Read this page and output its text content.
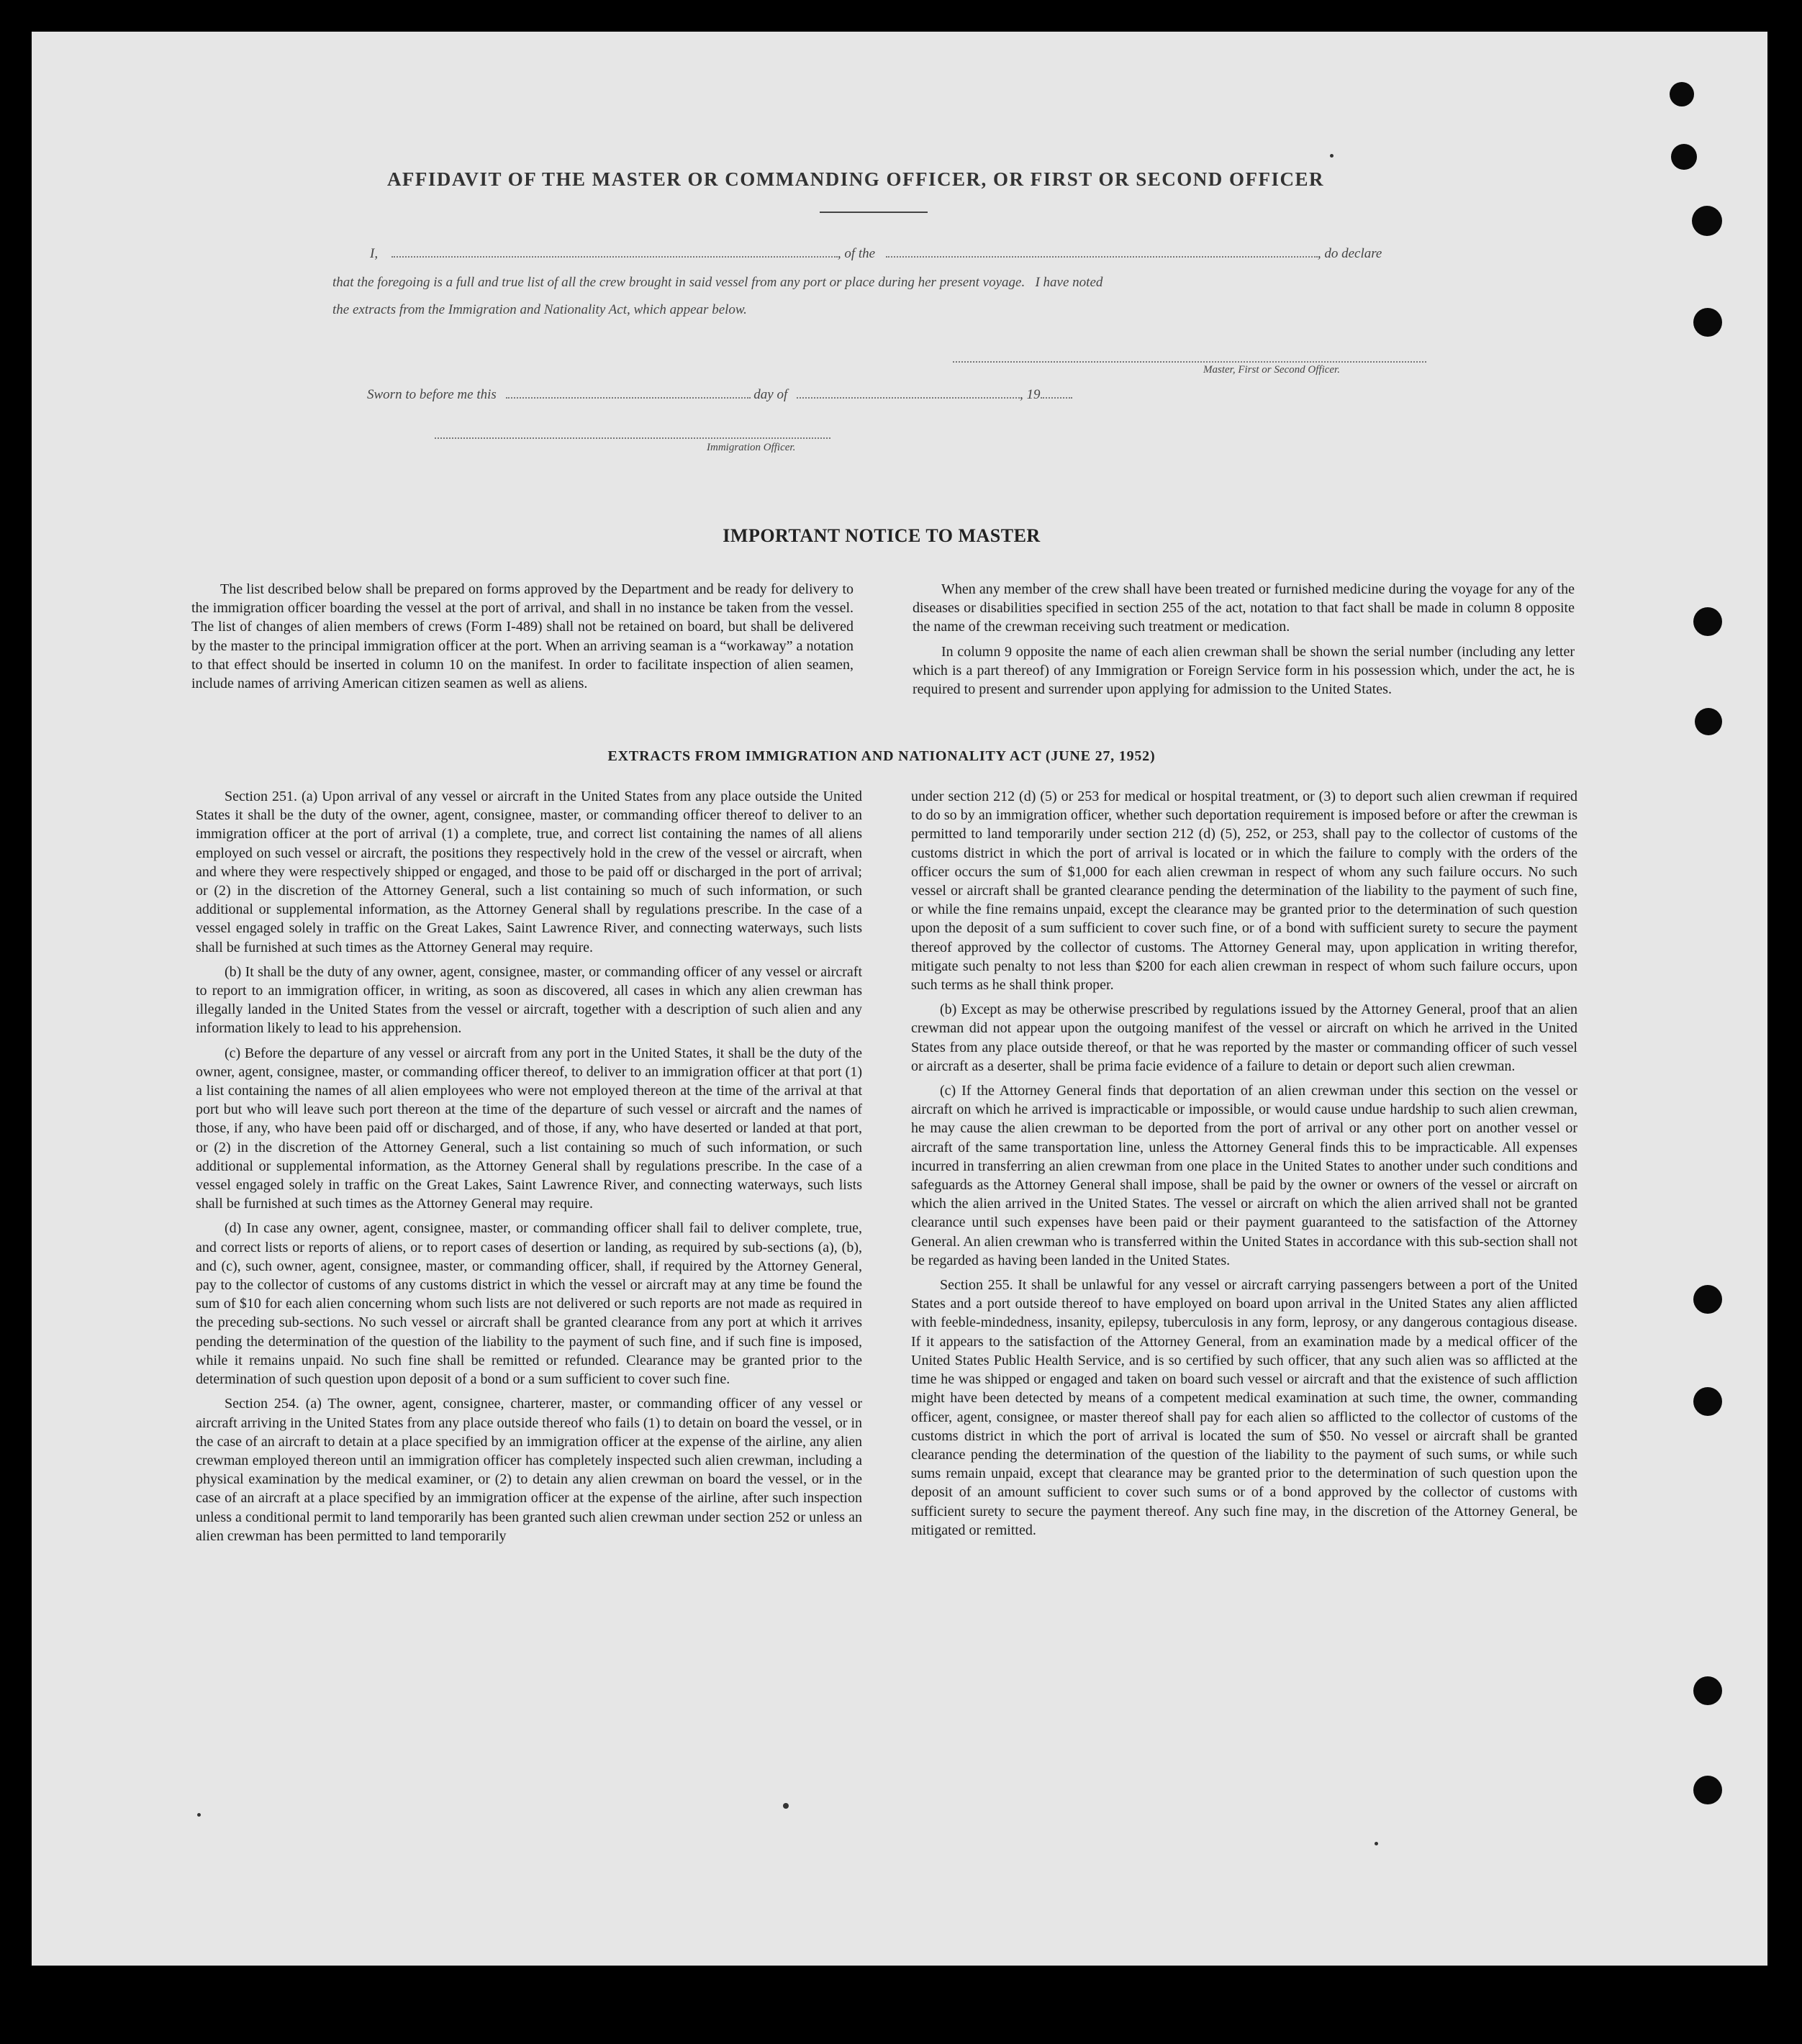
AFFIDAVIT OF THE MASTER OR COMMANDING OFFICER, OR FIRST OR SECOND OFFICER
I,	, of the	, do declare
that the foregoing is a full and true list of all the crew brought in said vessel from any port or place during her present voyage.   I have noted
the extracts from the Immigration and Nationality Act, which appear below.
Master, First or Second Officer.
Sworn to before me this	day of	, 19
Immigration Officer.
IMPORTANT NOTICE TO MASTER

The list described below shall be prepared on forms approved by the Department and be ready for delivery to the immigration officer boarding the vessel at the port of arrival, and shall in no instance be taken from the vessel. The list of changes of alien members of crews (Form I-489) shall not be retained on board, but shall be delivered by the master to the principal immigration officer at the port. When an arriving seaman is a “workaway” a notation to that effect should be inserted in column 10 on the manifest. In order to facilitate inspection of alien seamen, include names of arriving American citizen seamen as well as aliens.

When any member of the crew shall have been treated or furnished medicine during the voyage for any of the diseases or disabilities specified in section 255 of the act, notation to that fact shall be made in column 8 opposite the name of the crewman receiving such treatment or medication.

In column 9 opposite the name of each alien crewman shall be shown the serial number (including any letter which is a part thereof) of any Immigration or Foreign Service form in his possession which, under the act, he is required to present and surrender upon applying for admission to the United States.

EXTRACTS FROM IMMIGRATION AND NATIONALITY ACT (JUNE 27, 1952)

Section 251. (a) Upon arrival of any vessel or aircraft in the United States from any place outside the United States it shall be the duty of the owner, agent, consignee, master, or commanding officer thereof to deliver to an immigration officer at the port of arrival (1) a complete, true, and correct list containing the names of all aliens employed on such vessel or aircraft, the positions they respectively hold in the crew of the vessel or aircraft, when and where they were respectively shipped or engaged, and those to be paid off or discharged in the port of arrival; or (2) in the discretion of the Attorney General, such a list containing so much of such information, or such additional or supplemental information, as the Attorney General shall by regulations prescribe. In the case of a vessel engaged solely in traffic on the Great Lakes, Saint Lawrence River, and connecting waterways, such lists shall be furnished at such times as the Attorney General may require.

(b) It shall be the duty of any owner, agent, consignee, master, or commanding officer of any vessel or aircraft to report to an immigration officer, in writing, as soon as discovered, all cases in which any alien crewman has illegally landed in the United States from the vessel or aircraft, together with a description of such alien and any information likely to lead to his apprehension.

(c) Before the departure of any vessel or aircraft from any port in the United States, it shall be the duty of the owner, agent, consignee, master, or commanding officer thereof, to deliver to an immigration officer at that port (1) a list containing the names of all alien employees who were not employed thereon at the time of the arrival at that port but who will leave such port thereon at the time of the departure of such vessel or aircraft and the names of those, if any, who have been paid off or discharged, and of those, if any, who have deserted or landed at that port, or (2) in the discretion of the Attorney General, such a list containing so much of such information, or such additional or supplemental information, as the Attorney General shall by regulations prescribe. In the case of a vessel engaged solely in traffic on the Great Lakes, Saint Lawrence River, and connecting waterways, such lists shall be furnished at such times as the Attorney General may require.

(d) In case any owner, agent, consignee, master, or commanding officer shall fail to deliver complete, true, and correct lists or reports of aliens, or to report cases of desertion or landing, as required by sub-sections (a), (b), and (c), such owner, agent, consignee, master, or commanding officer, shall, if required by the Attorney General, pay to the collector of customs of any customs district in which the vessel or aircraft may at any time be found the sum of $10 for each alien concerning whom such lists are not delivered or such reports are not made as required in the preceding sub-sections. No such vessel or aircraft shall be granted clearance from any port at which it arrives pending the determination of the question of the liability to the payment of such fine, and if such fine is imposed, while it remains unpaid. No such fine shall be remitted or refunded. Clearance may be granted prior to the determination of such question upon deposit of a bond or a sum sufficient to cover such fine.

Section 254. (a) The owner, agent, consignee, charterer, master, or commanding officer of any vessel or aircraft arriving in the United States from any place outside thereof who fails (1) to detain on board the vessel, or in the case of an aircraft to detain at a place specified by an immigration officer at the expense of the airline, any alien crewman employed thereon until an immigration officer has completely inspected such alien crewman, including a physical examination by the medical examiner, or (2) to detain any alien crewman on board the vessel, or in the case of an aircraft at a place specified by an immigration officer at the expense of the airline, after such inspection unless a conditional permit to land temporarily has been granted such alien crewman under section 252 or unless an alien crewman has been permitted to land temporarily

under section 212 (d) (5) or 253 for medical or hospital treatment, or (3) to deport such alien crewman if required to do so by an immigration officer, whether such deportation requirement is imposed before or after the crewman is permitted to land temporarily under section 212 (d) (5), 252, or 253, shall pay to the collector of customs of the customs district in which the port of arrival is located or in which the failure to comply with the orders of the officer occurs the sum of $1,000 for each alien crewman in respect of whom any such failure occurs. No such vessel or aircraft shall be granted clearance pending the determination of the liability to the payment of such fine, or while the fine remains unpaid, except the clearance may be granted prior to the determination of such question upon the deposit of a sum sufficient to cover such fine, or of a bond with sufficient surety to secure the payment thereof approved by the collector of customs. The Attorney General may, upon application in writing therefor, mitigate such penalty to not less than $200 for each alien crewman in respect of whom such failure occurs, upon such terms as he shall think proper.

(b) Except as may be otherwise prescribed by regulations issued by the Attorney General, proof that an alien crewman did not appear upon the outgoing manifest of the vessel or aircraft on which he arrived in the United States from any place outside thereof, or that he was reported by the master or commanding officer of such vessel or aircraft as a deserter, shall be prima facie evidence of a failure to detain or deport such alien crewman.

(c) If the Attorney General finds that deportation of an alien crewman under this section on the vessel or aircraft on which he arrived is impracticable or impossible, or would cause undue hardship to such alien crewman, he may cause the alien crewman to be deported from the port of arrival or any other port on another vessel or aircraft of the same transportation line, unless the Attorney General finds this to be impracticable. All expenses incurred in transferring an alien crewman from one place in the United States to another under such conditions and safeguards as the Attorney General shall impose, shall be paid by the owner or owners of the vessel or aircraft on which the alien arrived in the United States. The vessel or aircraft on which the alien arrived shall not be granted clearance until such expenses have been paid or their payment guaranteed to the satisfaction of the Attorney General. An alien crewman who is transferred within the United States in accordance with this sub-section shall not be regarded as having been landed in the United States.

Section 255. It shall be unlawful for any vessel or aircraft carrying passengers between a port of the United States and a port outside thereof to have employed on board upon arrival in the United States any alien afflicted with feeble-mindedness, insanity, epilepsy, tuberculosis in any form, leprosy, or any dangerous contagious disease. If it appears to the satisfaction of the Attorney General, from an examination made by a medical officer of the United States Public Health Service, and is so certified by such officer, that any such alien was so afflicted at the time he was shipped or engaged and taken on board such vessel or aircraft and that the existence of such affliction might have been detected by means of a competent medical examination at such time, the owner, commanding officer, agent, consignee, or master thereof shall pay for each alien so afflicted to the collector of customs of the customs district in which the port of arrival is located the sum of $50. No vessel or aircraft shall be granted clearance pending the determination of the question of the liability to the payment of such sums, or while such sums remain unpaid, except that clearance may be granted prior to the determination of such question upon the deposit of an amount sufficient to cover such sums or of a bond approved by the collector of customs with sufficient surety to secure the payment thereof. Any such fine may, in the discretion of the Attorney General, be mitigated or remitted.
